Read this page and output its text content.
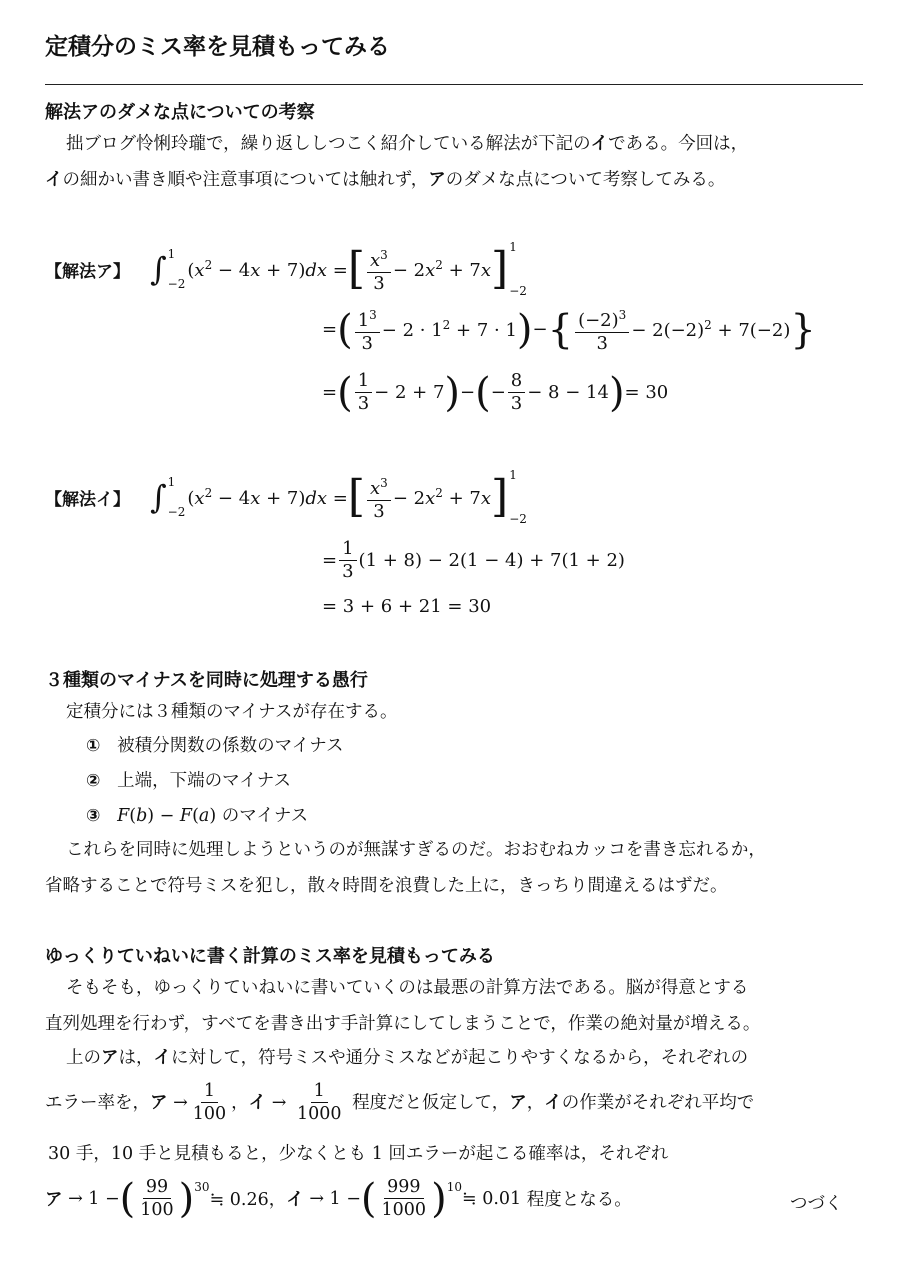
定積分のミス率を見積もってみる
解法アのダメな点についての考察
拙ブログ怜悧玲瓏で，繰り返ししつこく紹介している解法が下記のイである。今回は，
イの細かい書き順や注意事項については触れず，アのダメな点について考察してみる。
【解法ア】 ∫ 1
−2
$(x^2 - 4x + 7)dx$ = [ $\frac{x^3}{3} - 2x^2 + 7x$ ] 1
−2
= ( $\frac{1^3}{3} - 2 \cdot 1^2 + 7 \cdot 1$ ) − { $\frac{(-2)^3}{3} - 2(-2)^2 + 7(-2)$ }
= ( $\frac{1}{3} - 2 + 7$ ) − ( − $\frac{8}{3} - 8 - 14$ ) = 30
【解法イ】 ∫ 1
−2
$(x^2 - 4x + 7)dx$ = [ $\frac{x^3}{3} - 2x^2 + 7x$ ] 1
−2
= $\frac{1}{3} (1 + 8) - 2(1 - 4) + 7(1 + 2)$
= 3 + 6 + 21 = 30
３種類のマイナスを同時に処理する愚行
定積分には３種類のマイナスが存在する。
① 被積分関数の係数のマイナス
② 上端，下端のマイナス
③ F(b) − F(a) のマイナス
これらを同時に処理しようというのが無謀すぎるのだ。おおむねカッコを書き忘れるか，
省略することで符号ミスを犯し，散々時間を浪費した上に，きっちり間違えるはずだ。
ゆっくりていねいに書く計算のミス率を見積もってみる
そもそも，ゆっくりていねいに書いていくのは最悪の計算方法である。脳が得意とする
直列処理を行わず，すべてを書き出す手計算にしてしまうことで，作業の絶対量が増える。
上のアは，イに対して，符号ミスや通分ミスなどが起こりやすくなるから，それぞれの
エラー率を， ア → $\frac{1}{100}$ ， イ → $\frac{1}{1000}$
程度だと仮定して， ア ， イ の作業がそれぞれ平均で
30 手，10 手と見積もると，少なくとも 1 回エラーが起こる確率は，それぞれ
ア → 1 − ( $\frac{99}{100} )^{30}$
≒ 0.26， イ → 1 − ( $\frac{999}{1000} )^{10}$
≒ 0.01 程度となる。	つづく
